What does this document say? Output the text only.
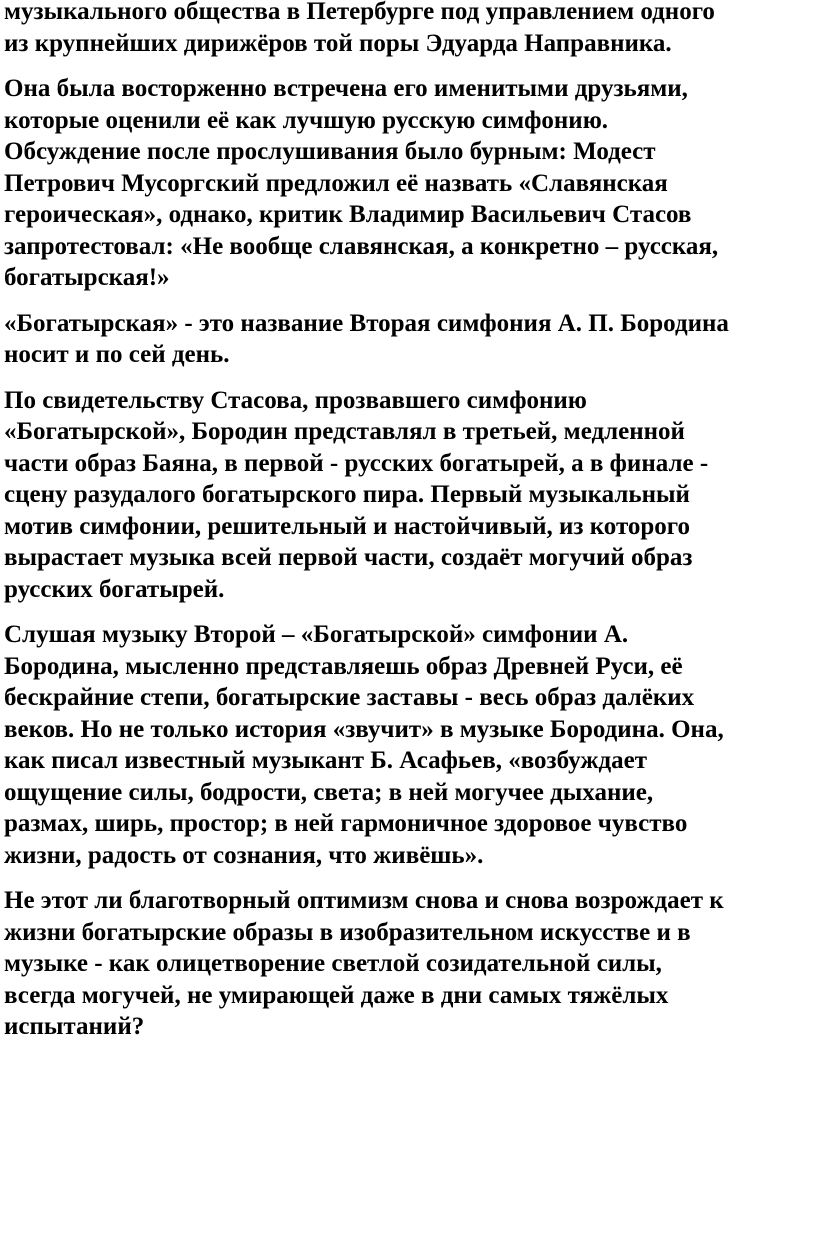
музыкального общества в Петербурге под управлением одного
из крупнейших дирижёров той поры Эдуарда Направника.

Она была восторженно встречена его именитыми друзьями,
которые оценили её как лучшую русскую симфонию.
Обсуждение после прослушивания было бурным: Модест
Петрович Мусоргский предложил её назвать «Славянская
героическая», однако, критик Владимир Васильевич Стасов
запротестовал: «Не вообще славянская, а конкретно – русская,
богатырская!»

«Богатырская» - это название Вторая симфония А. П. Бородина
носит и по сей день.

По свидетельству Стасова, прозвавшего симфонию
«Богатырской», Бородин представлял в третьей, медленной
части образ Баяна, в первой - русских богатырей, а в финале -
сцену разудалого богатырского пира. Первый музыкальный
мотив симфонии, решительный и настойчивый, из которого
вырастает музыка всей первой части, создаёт могучий образ
русских богатырей.

Слушая музыку Второй – «Богатырской» симфонии А.
Бородина, мысленно представляешь образ Древней Руси, её
бескрайние степи, богатырские заставы - весь образ далёких
веков. Но не только история «звучит» в музыке Бородина. Она,
как писал известный музыкант Б. Асафьев, «возбуждает
ощущение силы, бодрости, света; в ней могучее дыхание,
размах, ширь, простор; в ней гармоничное здоровое чувство
жизни, радость от сознания, что живёшь».

Не этот ли благотворный оптимизм снова и снова возрождает к
жизни богатырские образы в изобразительном искусстве и в
музыке - как олицетворение светлой созидательной силы,
всегда могучей, не умирающей даже в дни самых тяжёлых
испытаний?
